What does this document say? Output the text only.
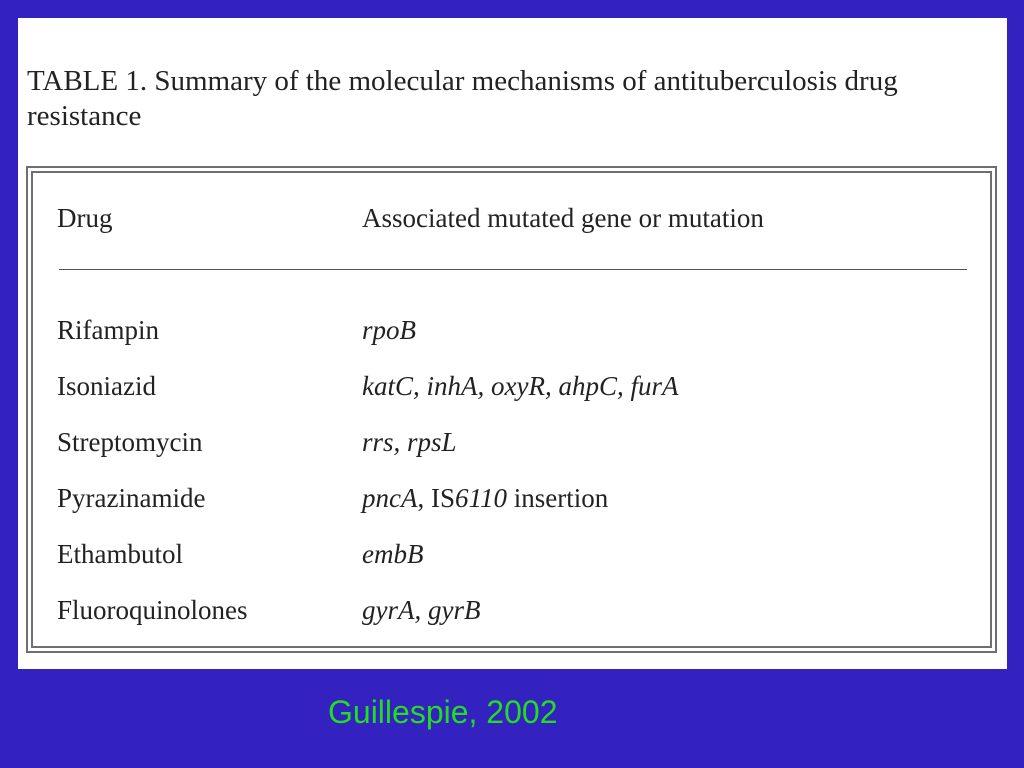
TABLE 1. Summary of the molecular mechanisms of antituberculosis drug resistance

Drug	Associated mutated gene or mutation
Rifampin	rpoB
Isoniazid	katC, inhA, oxyR, ahpC, furA
Streptomycin	rrs, rpsL
Pyrazinamide	pncA, IS6110 insertion
Ethambutol	embB
Fluoroquinolones	gyrA, gyrB
Guillespie, 2002
